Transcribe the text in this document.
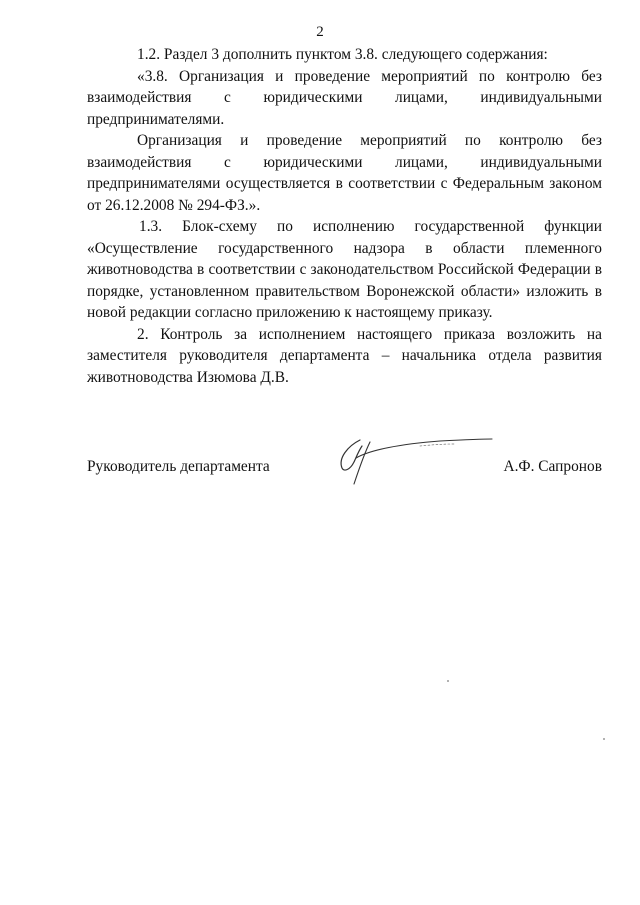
2

1.2. Раздел 3 дополнить пунктом 3.8. следующего содержания:

«3.8. Организация и проведение мероприятий по контролю без взаимодействия с юридическими лицами, индивидуальными предпринимателями.

Организация и проведение мероприятий по контролю без взаимодействия с юридическими лицами, индивидуальными предпринимателями осуществляется в соответствии с Федеральным законом от 26.12.2008 № 294-ФЗ.».

1.3. Блок-схему по исполнению государственной функции «Осуществление государственного надзора в области племенного животноводства в соответствии с законодательством Российской Федерации в порядке, установленном правительством Воронежской области» изложить в новой редакции согласно приложению к настоящему приказу.

2. Контроль за исполнением настоящего приказа возложить на заместителя руководителя департамента – начальника отдела развития животноводства Изюмова Д.В.

Руководитель департамента	А.Ф. Сапронов
